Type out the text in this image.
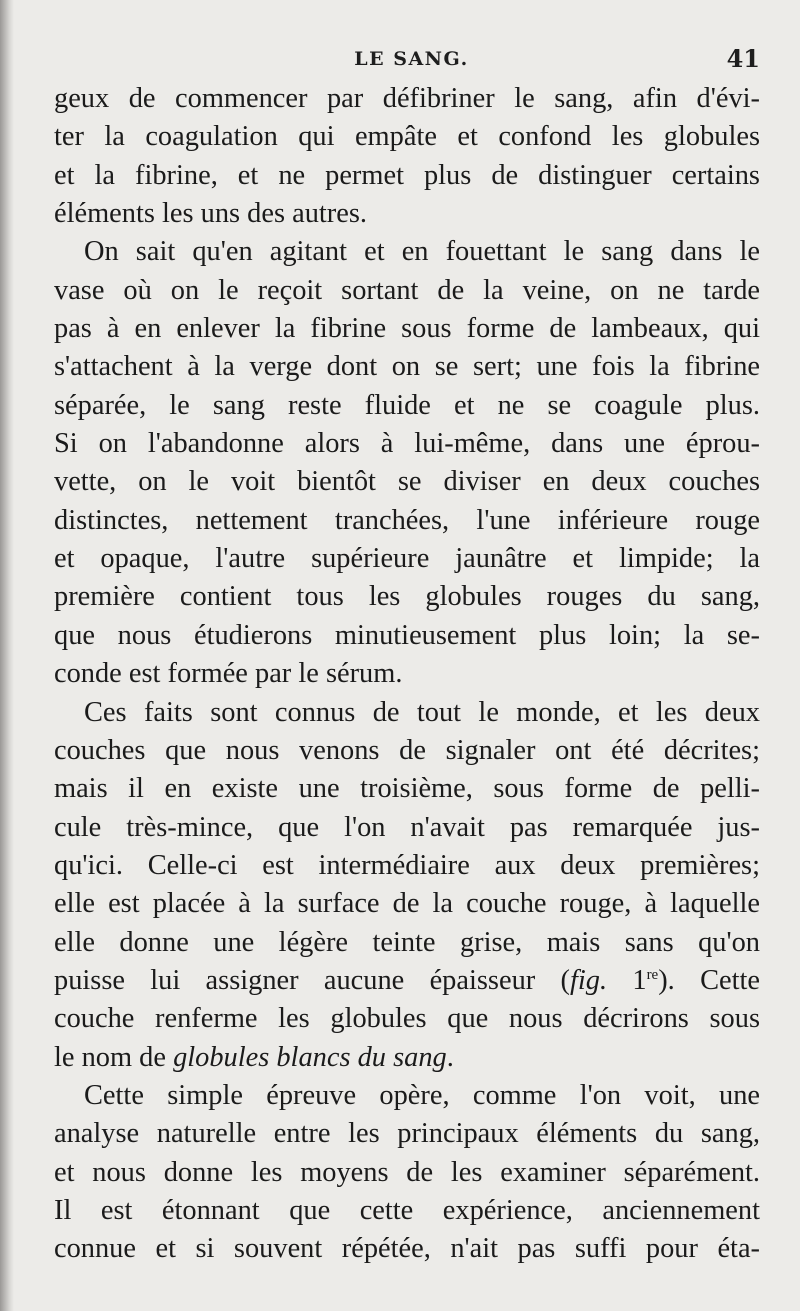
LE SANG.	41
geux de commencer par défibriner le sang, afin d'évi-
ter la coagulation qui empâte et confond les globules
et la fibrine, et ne permet plus de distinguer certains
éléments les uns des autres.
On sait qu'en agitant et en fouettant le sang dans le
vase où on le reçoit sortant de la veine, on ne tarde
pas à en enlever la fibrine sous forme de lambeaux, qui
s'attachent à la verge dont on se sert; une fois la fibrine
séparée, le sang reste fluide et ne se coagule plus.
Si on l'abandonne alors à lui-même, dans une éprou-
vette, on le voit bientôt se diviser en deux couches
distinctes, nettement tranchées, l'une inférieure rouge
et opaque, l'autre supérieure jaunâtre et limpide; la
première contient tous les globules rouges du sang,
que nous étudierons minutieusement plus loin; la se-
conde est formée par le sérum.
Ces faits sont connus de tout le monde, et les deux
couches que nous venons de signaler ont été décrites;
mais il en existe une troisième, sous forme de pelli-
cule très-mince, que l'on n'avait pas remarquée jus-
qu'ici. Celle-ci est intermédiaire aux deux premières;
elle est placée à la surface de la couche rouge, à laquelle
elle donne une légère teinte grise, mais sans qu'on
puisse lui assigner aucune épaisseur (fig. 1re). Cette
couche renferme les globules que nous décrirons sous
le nom de globules blancs du sang.
Cette simple épreuve opère, comme l'on voit, une
analyse naturelle entre les principaux éléments du sang,
et nous donne les moyens de les examiner séparément.
Il est étonnant que cette expérience, anciennement
connue et si souvent répétée, n'ait pas suffi pour éta-
